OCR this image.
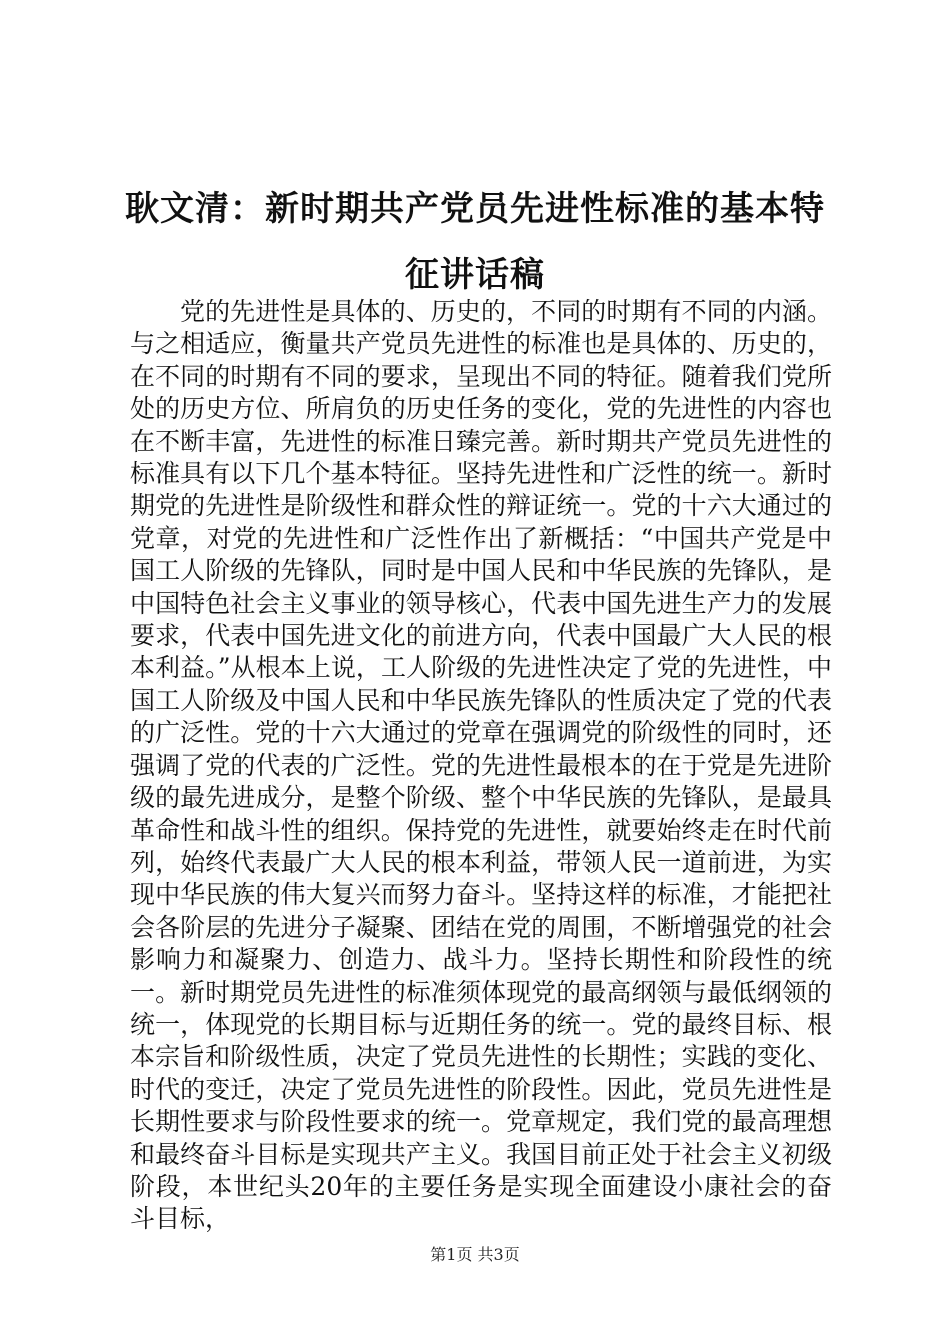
耿文清：新时期共产党员先进性标准的基本特征讲话稿

党的先进性是具体的、历史的，不同的时期有不同的内涵。与之相适应，衡量共产党员先进性的标准也是具体的、历史的，在不同的时期有不同的要求，呈现出不同的特征。随着我们党所处的历史方位、所肩负的历史任务的变化，党的先进性的内容也在不断丰富，先进性的标准日臻完善。新时期共产党员先进性的标准具有以下几个基本特征。坚持先进性和广泛性的统一。新时期党的先进性是阶级性和群众性的辩证统一。党的十六大通过的党章，对党的先进性和广泛性作出了新概括：“中国共产党是中国工人阶级的先锋队，同时是中国人民和中华民族的先锋队，是中国特色社会主义事业的领导核心，代表中国先进生产力的发展要求，代表中国先进文化的前进方向，代表中国最广大人民的根本利益。”从根本上说，工人阶级的先进性决定了党的先进性，中国工人阶级及中国人民和中华民族先锋队的性质决定了党的代表的广泛性。党的十六大通过的党章在强调党的阶级性的同时，还强调了党的代表的广泛性。党的先进性最根本的在于党是先进阶级的最先进成分，是整个阶级、整个中华民族的先锋队，是最具革命性和战斗性的组织。保持党的先进性，就要始终走在时代前列，始终代表最广大人民的根本利益，带领人民一道前进，为实现中华民族的伟大复兴而努力奋斗。坚持这样的标准，才能把社会各阶层的先进分子凝聚、团结在党的周围，不断增强党的社会影响力和凝聚力、创造力、战斗力。坚持长期性和阶段性的统一。新时期党员先进性的标准须体现党的最高纲领与最低纲领的统一，体现党的长期目标与近期任务的统一。党的最终目标、根本宗旨和阶级性质，决定了党员先进性的长期性；实践的变化、时代的变迁，决定了党员先进性的阶段性。因此，党员先进性是长期性要求与阶段性要求的统一。党章规定，我们党的最高理想和最终奋斗目标是实现共产主义。我国目前正处于社会主义初级阶段，本世纪头20年的主要任务是实现全面建设小康社会的奋斗目标，

第1页 共3页
